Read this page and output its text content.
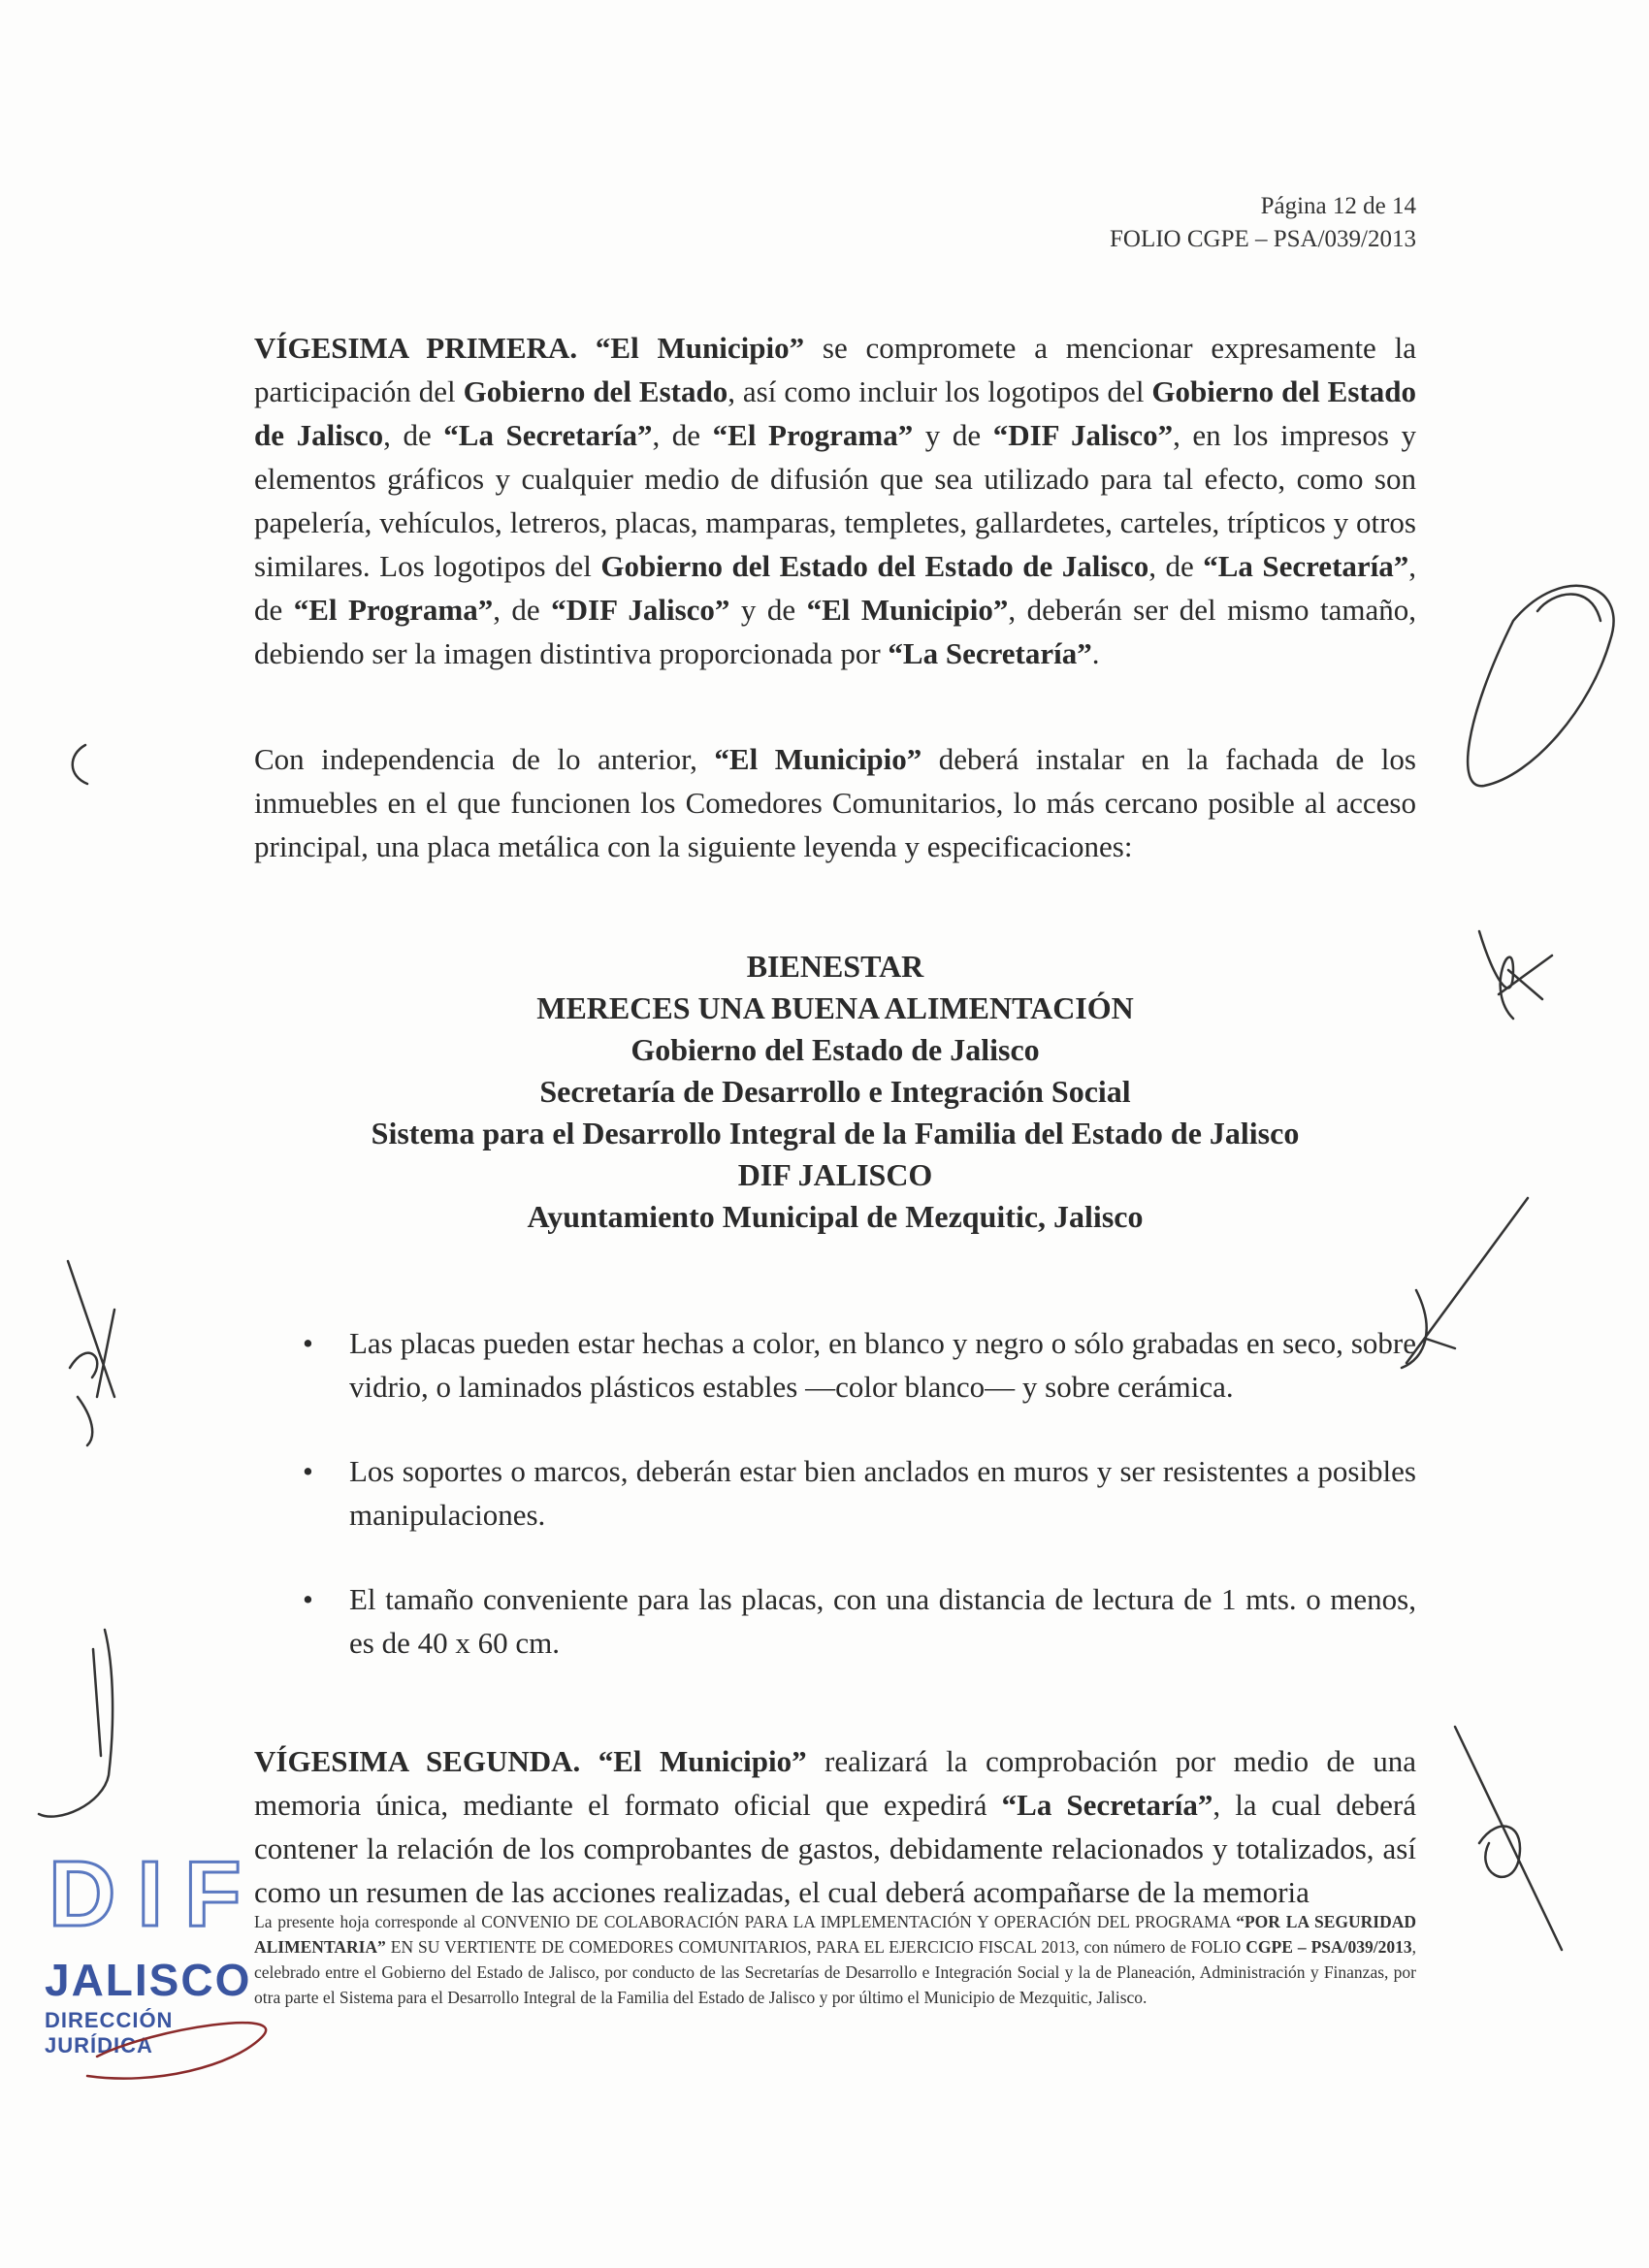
Página 12 de 14
FOLIO CGPE – PSA/039/2013
VÍGESIMA PRIMERA. “El Municipio” se compromete a mencionar expresamente la participación del Gobierno del Estado, así como incluir los logotipos del Gobierno del Estado de Jalisco, de “La Secretaría”, de “El Programa” y de “DIF Jalisco”, en los impresos y elementos gráficos y cualquier medio de difusión que sea utilizado para tal efecto, como son papelería, vehículos, letreros, placas, mamparas, templetes, gallardetes, carteles, trípticos y otros similares. Los logotipos del Gobierno del Estado del Estado de Jalisco, de “La Secretaría”, de “El Programa”, de “DIF Jalisco” y de “El Municipio”, deberán ser del mismo tamaño, debiendo ser la imagen distintiva proporcionada por “La Secretaría”.
Con independencia de lo anterior, “El Municipio” deberá instalar en la fachada de los inmuebles en el que funcionen los Comedores Comunitarios, lo más cercano posible al acceso principal, una placa metálica con la siguiente leyenda y especificaciones:
BIENESTAR
MERECES UNA BUENA ALIMENTACIÓN
Gobierno del Estado de Jalisco
Secretaría de Desarrollo e Integración Social
Sistema para el Desarrollo Integral de la Familia del Estado de Jalisco
DIF JALISCO
Ayuntamiento Municipal de Mezquitic, Jalisco
• Las placas pueden estar hechas a color, en blanco y negro o sólo grabadas en seco, sobre vidrio, o laminados plásticos estables —color blanco— y sobre cerámica.
• Los soportes o marcos, deberán estar bien anclados en muros y ser resistentes a posibles manipulaciones.
• El tamaño conveniente para las placas, con una distancia de lectura de 1 mts. o menos, es de 40 x 60 cm.
VÍGESIMA SEGUNDA. “El Municipio” realizará la comprobación por medio de una memoria única, mediante el formato oficial que expedirá “La Secretaría”, la cual deberá contener la relación de los comprobantes de gastos, debidamente relacionados y totalizados, así como un resumen de las acciones realizadas, el cual deberá acompañarse de la memoria
La presente hoja corresponde al CONVENIO DE COLABORACIÓN PARA LA IMPLEMENTACIÓN Y OPERACIÓN DEL PROGRAMA “POR LA SEGURIDAD ALIMENTARIA” EN SU VERTIENTE DE COMEDORES COMUNITARIOS, PARA EL EJERCICIO FISCAL 2013, con número de FOLIO CGPE – PSA/039/2013, celebrado entre el Gobierno del Estado de Jalisco, por conducto de las Secretarías de Desarrollo e Integración Social y la de Planeación, Administración y Finanzas, por otra parte el Sistema para el Desarrollo Integral de la Familia del Estado de Jalisco y por último el Municipio de Mezquitic, Jalisco.
DIF
JALISCO
DIRECCIÓN JURÍDICA
